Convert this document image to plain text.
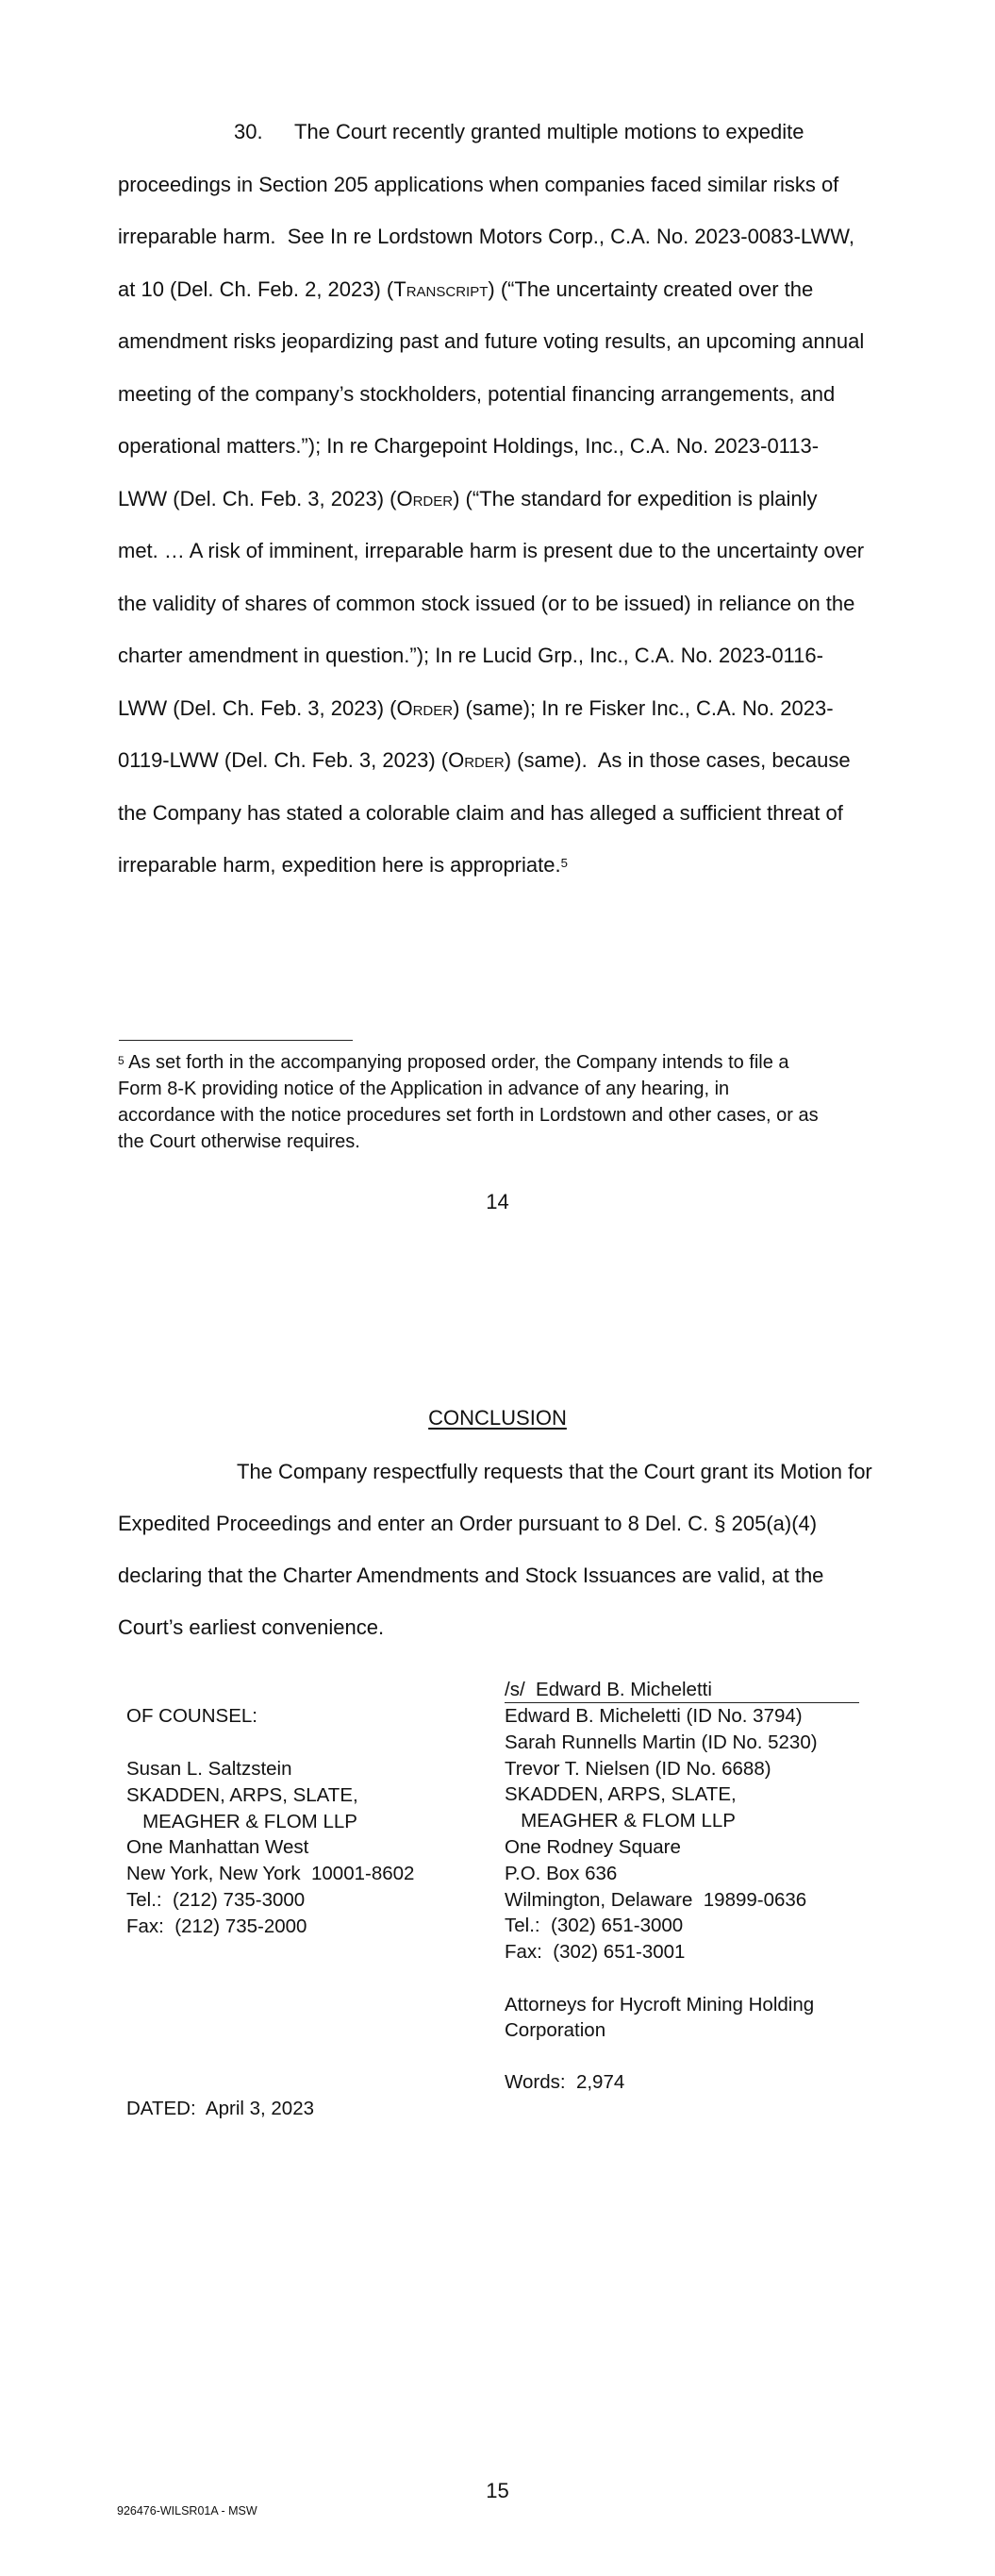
30. The Court recently granted multiple motions to expedite
proceedings in Section 205 applications when companies faced similar risks of
irreparable harm.  See In re Lordstown Motors Corp., C.A. No. 2023-0083-LWW,
at 10 (Del. Ch. Feb. 2, 2023) (Transcript) (“The uncertainty created over the
amendment risks jeopardizing past and future voting results, an upcoming annual
meeting of the company’s stockholders, potential financing arrangements, and
operational matters.”); In re Chargepoint Holdings, Inc., C.A. No. 2023-0113-
LWW (Del. Ch. Feb. 3, 2023) (Order) (“The standard for expedition is plainly
met. … A risk of imminent, irreparable harm is present due to the uncertainty over
the validity of shares of common stock issued (or to be issued) in reliance on the
charter amendment in question.”); In re Lucid Grp., Inc., C.A. No. 2023-0116-
LWW (Del. Ch. Feb. 3, 2023) (Order) (same); In re Fisker Inc., C.A. No. 2023-
0119-LWW (Del. Ch. Feb. 3, 2023) (Order) (same).  As in those cases, because
the Company has stated a colorable claim and has alleged a sufficient threat of
irreparable harm, expedition here is appropriate.$^5$
$^5$ As set forth in the accompanying proposed order, the Company intends to file a
Form 8-K providing notice of the Application in advance of any hearing, in
accordance with the notice procedures set forth in Lordstown and other cases, or as
the Court otherwise requires.
14
CONCLUSION
The Company respectfully requests that the Court grant its Motion for
Expedited Proceedings and enter an Order pursuant to 8 Del. C. § 205(a)(4)
declaring that the Charter Amendments and Stock Issuances are valid, at the
Court’s earliest convenience.
/s/  Edward B. Micheletti
Edward B. Micheletti (ID No. 3794)
Sarah Runnells Martin (ID No. 5230)
Trevor T. Nielsen (ID No. 6688)
SKADDEN, ARPS, SLATE,
MEAGHER & FLOM LLP
One Rodney Square
P.O. Box 636
Wilmington, Delaware  19899-0636
Tel.:  (302) 651-3000
Fax:  (302) 651-3001
Attorneys for Hycroft Mining Holding
Corporation
Words:  2,974
OF COUNSEL:
Susan L. Saltzstein
SKADDEN, ARPS, SLATE,
MEAGHER & FLOM LLP
One Manhattan West
New York, New York  10001-8602
Tel.:  (212) 735-3000
Fax:  (212) 735-2000
DATED:  April 3, 2023
15
926476-WILSR01A - MSW
